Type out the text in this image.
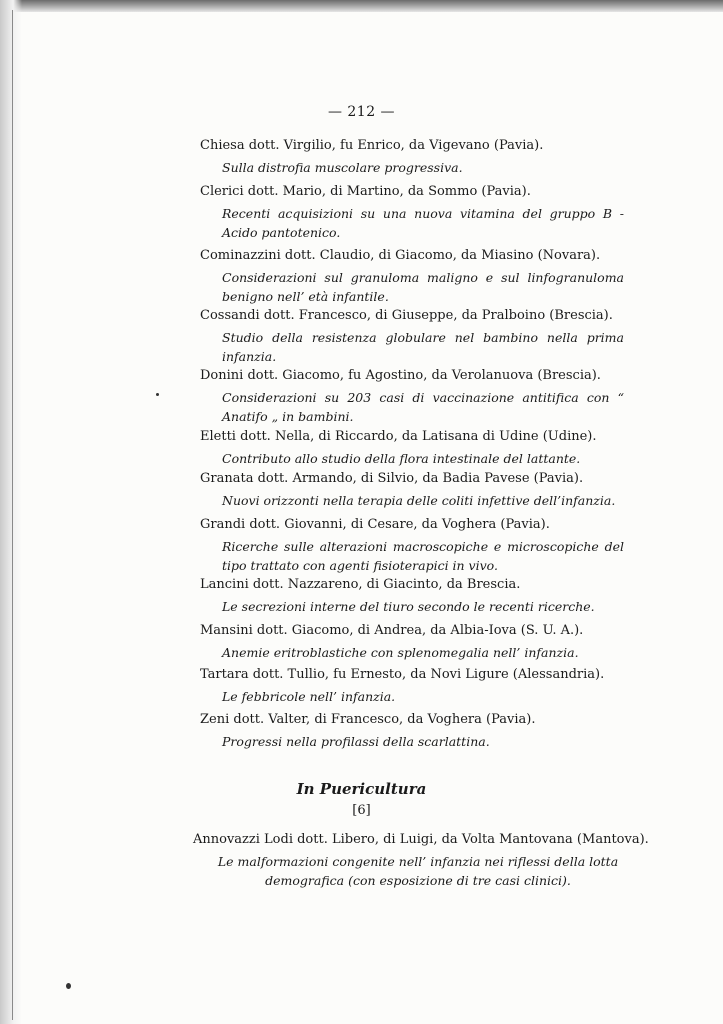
— 212 —
Chiesa dott. Virgilio, fu Enrico, da Vigevano (Pavia).
Sulla distrofia muscolare progressiva.
Clerici dott. Mario, di Martino, da Sommo (Pavia).
Recenti acquisizioni su una nuova vitamina del gruppo B - Acido pantotenico.
Cominazzini dott. Claudio, di Giacomo, da Miasino (Novara).
Considerazioni sul granuloma maligno e sul linfogranuloma benigno nell’ età infantile.
Cossandi dott. Francesco, di Giuseppe, da Pralboino (Brescia).
Studio della resistenza globulare nel bambino nella prima infanzia.
Donini dott. Giacomo, fu Agostino, da Verolanuova (Brescia).
Considerazioni su 203 casi di vaccinazione antitifica con “ Anatifo „ in bambini.
Eletti dott. Nella, di Riccardo, da Latisana di Udine (Udine).
Contributo allo studio della flora intestinale del lattante.
Granata dott. Armando, di Silvio, da Badia Pavese (Pavia).
Nuovi orizzonti nella terapia delle coliti infettive dell’infanzia.
Grandi dott. Giovanni, di Cesare, da Voghera (Pavia).
Ricerche sulle alterazioni macroscopiche e microscopiche del tipo trattato con agenti fisioterapici in vivo.
Lancini dott. Nazzareno, di Giacinto, da Brescia.
Le secrezioni interne del tiuro secondo le recenti ricerche.
Mansini dott. Giacomo, di Andrea, da Albia-Iova (S. U. A.).
Anemie eritroblastiche con splenomegalia nell’ infanzia.
Tartara dott. Tullio, fu Ernesto, da Novi Ligure (Alessandria).
Le febbricole nell’ infanzia.
Zeni dott. Valter, di Francesco, da Voghera (Pavia).
Progressi nella profilassi della scarlattina.
In Puericultura
[6]
Annovazzi Lodi dott. Libero, di Luigi, da Volta Mantovana (Mantova).
Le malformazioni congenite nell’ infanzia nei riflessi della lotta demografica (con esposizione di tre casi clinici).
